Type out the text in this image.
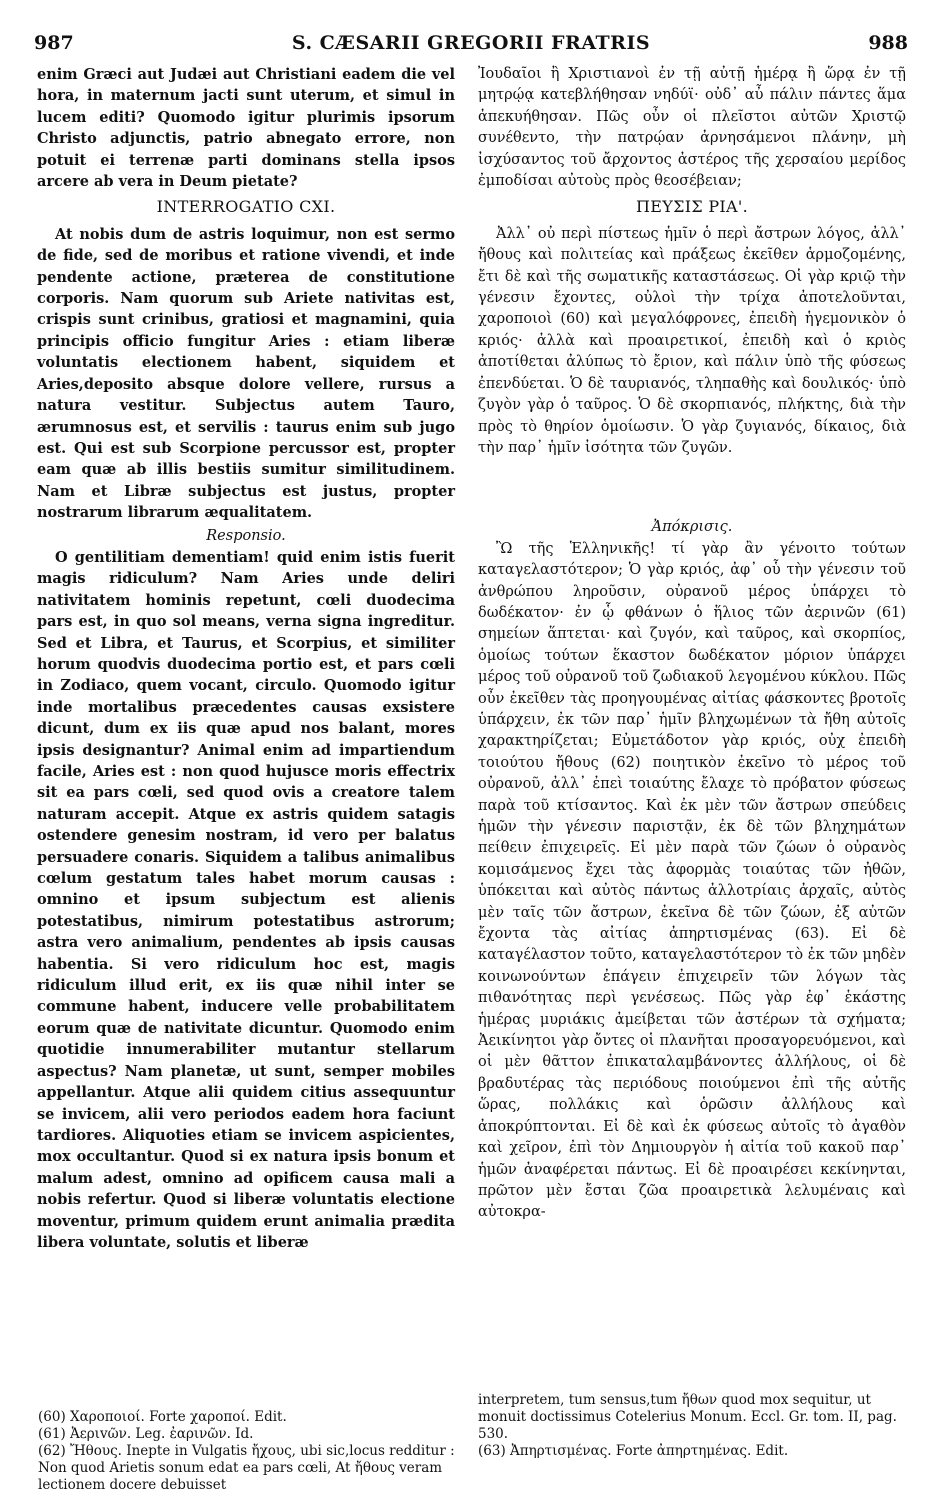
987	S. CÆSARII GREGORII FRATRIS	988

enim Græci aut Judæi aut Christiani eadem die vel hora, in maternum jacti sunt uterum, et simul in lucem editi? Quomodo igitur plurimis ipsorum Christo adjunctis, patrio abnegato errore, non potuit ei terrenæ parti dominans stella ipsos arcere ab vera in Deum pietate?

INTERROGATIO CXI.

At nobis dum de astris loquimur, non est sermo de fide, sed de moribus et ratione vivendi, et inde pendente actione, præterea de constitutione corporis. Nam quorum sub Ariete nativitas est, crispis sunt crinibus, gratiosi et magnamini, quia principis officio fungitur Aries : etiam liberæ voluntatis electionem habent, siquidem et Aries,deposito absque dolore vellere, rursus a natura vestitur. Subjectus autem Tauro, ærumnosus est, et servilis : taurus enim sub jugo est. Qui est sub Scorpione percussor est, propter eam quæ ab illis bestiis sumitur similitudinem. Nam et Libræ subjectus est justus, propter nostrarum librarum æqualitatem.

Responsio.

O gentilitiam dementiam! quid enim istis fuerit magis ridiculum? Nam Aries unde deliri nativitatem hominis repetunt, cœli duodecima pars est, in quo sol means, verna signa ingreditur. Sed et Libra, et Taurus, et Scorpius, et similiter horum quodvis duodecima portio est, et pars cœli in Zodiaco, quem vocant, circulo. Quomodo igitur inde mortalibus præcedentes causas exsistere dicunt, dum ex iis quæ apud nos balant, mores ipsis designantur? Animal enim ad impartiendum facile, Aries est : non quod hujusce moris effectrix sit ea pars cœli, sed quod ovis a creatore talem naturam accepit. Atque ex astris quidem satagis ostendere genesim nostram, id vero per balatus persuadere conaris. Siquidem a talibus animalibus cœlum gestatum tales habet morum causas : omnino et ipsum subjectum est alienis potestatibus, nimirum potestatibus astrorum; astra vero animalium, pendentes ab ipsis causas habentia. Si vero ridiculum hoc est, magis ridiculum illud erit, ex iis quæ nihil inter se commune habent, inducere velle probabilitatem eorum quæ de nativitate dicuntur. Quomodo enim quotidie innumerabiliter mutantur stellarum aspectus? Nam planetæ, ut sunt, semper mobiles appellantur. Atque alii quidem citius assequuntur se invicem, alii vero periodos eadem hora faciunt tardiores. Aliquoties etiam se invicem aspicientes, mox occultantur. Quod si ex natura ipsis bonum et malum adest, omnino ad opificem causa mali a nobis refertur. Quod si liberæ voluntatis electione moventur, primum quidem erunt animalia prædita libera voluntate, solutis et liberæ

Ἰουδαῖοι ἢ Χριστιανοὶ ἐν τῇ αὐτῇ ἡμέρᾳ ἢ ὥρᾳ ἐν τῇ μητρῴᾳ κατεβλήθησαν νηδύϊ· οὐδ᾽ αὖ πάλιν πάντες ἅμα ἀπεκυήθησαν. Πῶς οὖν οἱ πλεῖστοι αὐτῶν Χριστῷ συνέθεντο, τὴν πατρῴαν ἀρνησάμενοι πλάνην, μὴ ἰσχύσαντος τοῦ ἄρχοντος ἀστέρος τῆς χερσαίου μερίδος ἐμποδίσαι αὐτοὺς πρὸς θεοσέβειαν;

ΠΕΥΣΙΣ ΡΙΑ'.

Ἀλλ᾽ οὐ περὶ πίστεως ἡμῖν ὁ περὶ ἄστρων λόγος, ἀλλ᾽ ἤθους καὶ πολιτείας καὶ πράξεως ἐκεῖθεν ἁρμοζομένης, ἔτι δὲ καὶ τῆς σωματικῆς καταστάσεως. Οἱ γὰρ κριῷ τὴν γένεσιν ἔχοντες, οὐλοὶ τὴν τρίχα ἀποτελοῦνται, χαροποιοὶ (60) καὶ μεγαλόφρονες, ἐπειδὴ ἡγεμονικὸν ὁ κριός· ἀλλὰ καὶ προαιρετικοί, ἐπειδὴ καὶ ὁ κριὸς ἀποτίθεται ἀλύπως τὸ ἔριον, καὶ πάλιν ὑπὸ τῆς φύσεως ἐπενδύεται. Ὁ δὲ ταυριανός, τληπαθὴς καὶ δουλικός· ὑπὸ ζυγὸν γὰρ ὁ ταῦρος. Ὁ δὲ σκορπιανός, πλήκτης, διὰ τὴν πρὸς τὸ θηρίον ὁμοίωσιν. Ὁ γὰρ ζυγιανός, δίκαιος, διὰ τὴν παρ᾽ ἡμῖν ἰσότητα τῶν ζυγῶν.

Ἀπόκρισις.

Ὢ τῆς Ἑλληνικῆς! τί γὰρ ἂν γένοιτο τούτων καταγελαστότερον; Ὁ γὰρ κριός, ἀφ᾽ οὗ τὴν γένεσιν τοῦ ἀνθρώπου ληροῦσιν, οὐρανοῦ μέρος ὑπάρχει τὸ δωδέκατον· ἐν ᾧ φθάνων ὁ ἥλιος τῶν ἀερινῶν (61) σημείων ἅπτεται· καὶ ζυγόν, καὶ ταῦρος, καὶ σκορπίος, ὁμοίως τούτων ἕκαστον δωδέκατον μόριον ὑπάρχει μέρος τοῦ οὐρανοῦ τοῦ ζωδιακοῦ λεγομένου κύκλου. Πῶς οὖν ἐκεῖθεν τὰς προηγουμένας αἰτίας φάσκοντες βροτοῖς ὑπάρχειν, ἐκ τῶν παρ᾽ ἡμῖν βληχωμένων τὰ ἤθη αὐτοῖς χαρακτηρίζεται; Εὐμετάδοτον γὰρ κριός, οὐχ ἐπειδὴ τοιούτου ἤθους (62) ποιητικὸν ἐκεῖνο τὸ μέρος τοῦ οὐρανοῦ, ἀλλ᾽ ἐπεὶ τοιαύτης ἔλαχε τὸ πρόβατον φύσεως παρὰ τοῦ κτίσαντος. Καὶ ἐκ μὲν τῶν ἄστρων σπεύδεις ἡμῶν τὴν γένεσιν παριστᾷν, ἐκ δὲ τῶν βληχημάτων πείθειν ἐπιχειρεῖς. Εἰ μὲν παρὰ τῶν ζώων ὁ οὐρανὸς κομισάμενος ἔχει τὰς ἀφορμὰς τοιαύτας τῶν ἠθῶν, ὑπόκειται καὶ αὐτὸς πάντως ἀλλοτρίαις ἀρχαῖς, αὐτὸς μὲν ταῖς τῶν ἄστρων, ἐκεῖνα δὲ τῶν ζώων, ἐξ αὐτῶν ἔχοντα τὰς αἰτίας ἀπηρτισμένας (63). Εἰ δὲ καταγέλαστον τοῦτο, καταγελαστότερον τὸ ἐκ τῶν μηδὲν κοινωνούντων ἐπάγειν ἐπιχειρεῖν τῶν λόγων τὰς πιθανότητας περὶ γενέσεως. Πῶς γὰρ ἐφ᾽ ἑκάστης ἡμέρας μυριάκις ἀμείβεται τῶν ἀστέρων τὰ σχήματα; Ἀεικίνητοι γὰρ ὄντες οἱ πλανῆται προσαγορευόμενοι, καὶ οἱ μὲν θᾶττον ἐπικαταλαμβάνοντες ἀλλήλους, οἱ δὲ βραδυτέρας τὰς περιόδους ποιούμενοι ἐπὶ τῆς αὐτῆς ὥρας, πολλάκις καὶ ὁρῶσιν ἀλλήλους καὶ ἀποκρύπτονται. Εἰ δὲ καὶ ἐκ φύσεως αὐτοῖς τὸ ἀγαθὸν καὶ χεῖρον, ἐπὶ τὸν Δημιουργὸν ἡ αἰτία τοῦ κακοῦ παρ᾽ ἡμῶν ἀναφέρεται πάντως. Εἰ δὲ προαιρέσει κεκίνηνται, πρῶτον μὲν ἔσται ζῶα προαιρετικὰ λελυμέναις καὶ αὐτοκρα-

(60) Χαροποιοί. Forte χαροποί. Edit.

(61) Ἀεριvῶν. Leg. ἐαρινῶν. Id.

(62) Ἤθους. Inepte in Vulgatis ἤχους, ubi sic,locus redditur : Non quod Arietis sonum edat ea pars cœli, At ἤθους veram lectionem docere debuisset

interpretem, tum sensus,tum ἤθων quod mox sequitur, ut monuit doctissimus Cotelerius Monum. Eccl. Gr. tom. II, pag. 530.

(63) Ἀπηρτισμένας. Forte ἀπηρτημένας. Edit.
